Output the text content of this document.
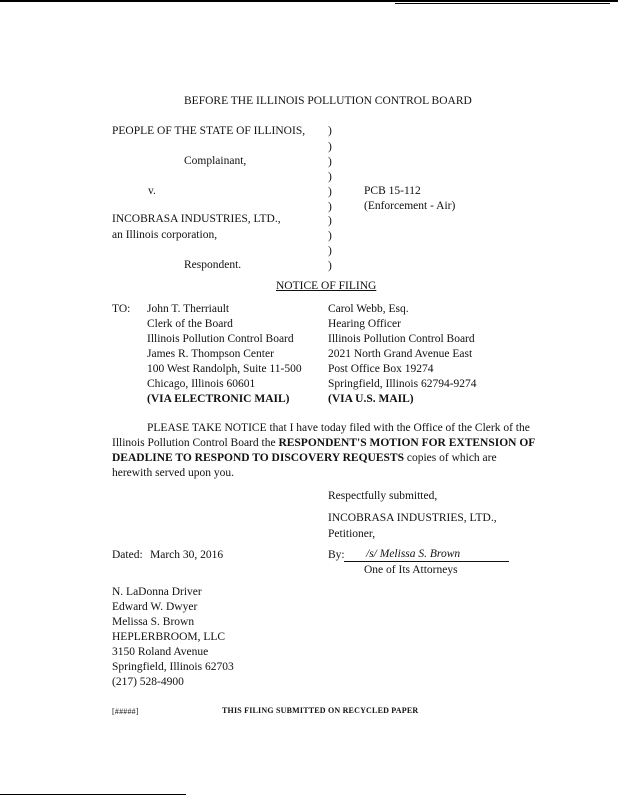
BEFORE THE ILLINOIS POLLUTION CONTROL BOARD
PEOPLE OF THE STATE OF ILLINOIS,
Complainant,
v.
INCOBRASA INDUSTRIES, LTD.,
an Illinois corporation,
Respondent.
)
)
)
)
)
)
)
)
)
)
PCB 15-112
(Enforcement - Air)
NOTICE OF FILING
TO: John T. Therriault
Clerk of the Board
Illinois Pollution Control Board
James R. Thompson Center
100 West Randolph, Suite 11-500
Chicago, Illinois 60601
(VIA ELECTRONIC MAIL)
Carol Webb, Esq.
Hearing Officer
Illinois Pollution Control Board
2021 North Grand Avenue East
Post Office Box 19274
Springfield, Illinois 62794-9274
(VIA U.S. MAIL)
PLEASE TAKE NOTICE that I have today filed with the Office of the Clerk of the
Illinois Pollution Control Board the RESPONDENT'S MOTION FOR EXTENSION OF
DEADLINE TO RESPOND TO DISCOVERY REQUESTS copies of which are
herewith served upon you.
Respectfully submitted,
INCOBRASA INDUSTRIES, LTD.,
Petitioner,
Dated: March 30, 2016	By: /s/ Melissa S. Brown
One of Its Attorneys
N. LaDonna Driver
Edward W. Dwyer
Melissa S. Brown
HEPLERBROOM, LLC
3150 Roland Avenue
Springfield, Illinois 62703
(217) 528-4900
[#####]	THIS FILING SUBMITTED ON RECYCLED PAPER
